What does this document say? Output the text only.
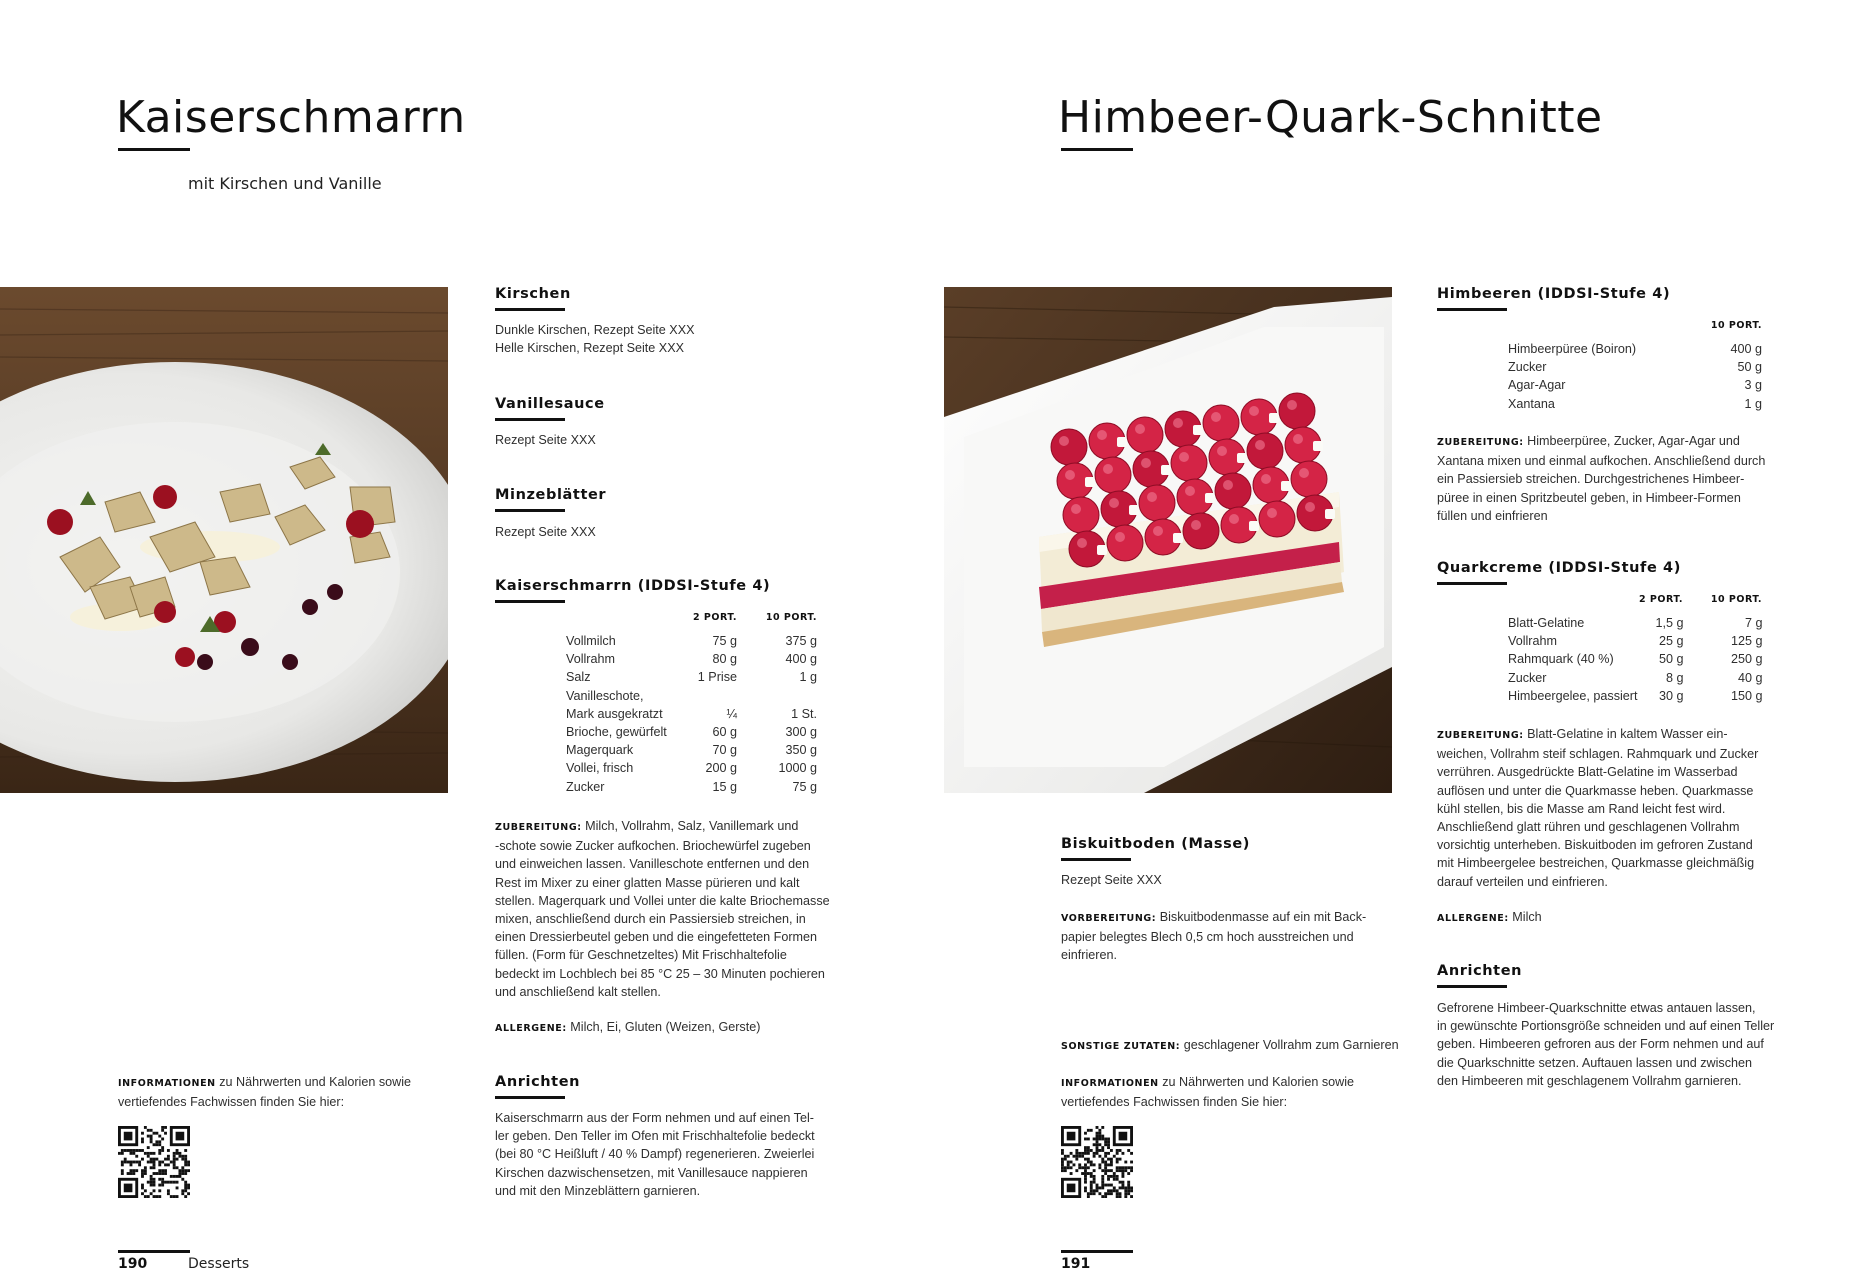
Kaiserschmarrn
mit Kirschen und Vanille
Kirschen
Dunkle Kirschen, Rezept Seite XXX
Helle Kirschen, Rezept Seite XXX
Vanillesauce
Rezept Seite XXX
Minzeblätter
Rezept Seite XXX
Kaiserschmarrn (IDDSI-Stufe 4)
2 PORT.	10 PORT.
Vollmilch	75 g	375 g
Vollrahm	80 g	400 g
Salz	1 Prise	1 g
Vanilleschote,		
Mark ausgekratzt	¼	1 St.
Brioche, gewürfelt	60 g	300 g
Magerquark	70 g	350 g
Vollei, frisch	200 g	1000 g
Zucker	15 g	75 g
ZUBEREITUNG: Milch, Vollrahm, Salz, Vanillemark und
-schote sowie Zucker aufkochen. Briochewürfel zugeben
und einweichen lassen. Vanilleschote entfernen und den
Rest im Mixer zu einer glatten Masse pürieren und kalt
stellen. Magerquark und Vollei unter die kalte Briochemasse
mixen, anschließend durch ein Passiersieb streichen, in
einen Dressierbeutel geben und die eingefetteten Formen
füllen. (Form für Geschnetzeltes) Mit Frischhaltefolie
bedeckt im Lochblech bei 85 °C 25 – 30 Minuten pochieren
und anschließend kalt stellen.
ALLERGENE: Milch, Ei, Gluten (Weizen, Gerste)
Anrichten
Kaiserschmarrn aus der Form nehmen und auf einen Tel-
ler geben. Den Teller im Ofen mit Frischhaltefolie bedeckt
(bei 80 °C Heißluft / 40 % Dampf) regenerieren. Zweierlei
Kirschen dazwischensetzen, mit Vanillesauce nappieren
und mit den Minzeblättern garnieren.
INFORMATIONEN zu Nährwerten und Kalorien sowie
vertiefendes Fachwissen finden Sie hier:
190	Desserts
Himbeer-Quark-Schnitte
Himbeeren (IDDSI-Stufe 4)
10 PORT.
Himbeerpüree (Boiron)	400 g
Zucker	50 g
Agar-Agar	3 g
Xantana	1 g
ZUBEREITUNG: Himbeerpüree, Zucker, Agar-Agar und
Xantana mixen und einmal aufkochen. Anschließend durch
ein Passiersieb streichen. Durchgestrichenes Himbeer-
püree in einen Spritzbeutel geben, in Himbeer-Formen
füllen und einfrieren
Quarkcreme (IDDSI-Stufe 4)
2 PORT.	10 PORT.
Blatt-Gelatine	1,5 g	7 g
Vollrahm	25 g	125 g
Rahmquark (40 %)	50 g	250 g
Zucker	8 g	40 g
Himbeergelee, passiert	30 g	150 g
ZUBEREITUNG: Blatt-Gelatine in kaltem Wasser ein-
weichen, Vollrahm steif schlagen. Rahmquark und Zucker
verrühren. Ausgedrückte Blatt-Gelatine im Wasserbad
auflösen und unter die Quarkmasse heben. Quarkmasse
kühl stellen, bis die Masse am Rand leicht fest wird.
Anschließend glatt rühren und geschlagenen Vollrahm
vorsichtig unterheben. Biskuitboden im gefroren Zustand
mit Himbeergelee bestreichen, Quarkmasse gleichmäßig
darauf verteilen und einfrieren.
ALLERGENE: Milch
Anrichten
Gefrorene Himbeer-Quarkschnitte etwas antauen lassen,
in gewünschte Portionsgröße schneiden und auf einen Teller
geben. Himbeeren gefroren aus der Form nehmen und auf
die Quarkschnitte setzen. Auftauen lassen und zwischen
den Himbeeren mit geschlagenem Vollrahm garnieren.
Biskuitboden (Masse)
Rezept Seite XXX
VORBEREITUNG: Biskuitbodenmasse auf ein mit Back-
papier belegtes Blech 0,5 cm hoch ausstreichen und
einfrieren.
SONSTIGE ZUTATEN: geschlagener Vollrahm zum Garnieren
INFORMATIONEN zu Nährwerten und Kalorien sowie
vertiefendes Fachwissen finden Sie hier:
191
